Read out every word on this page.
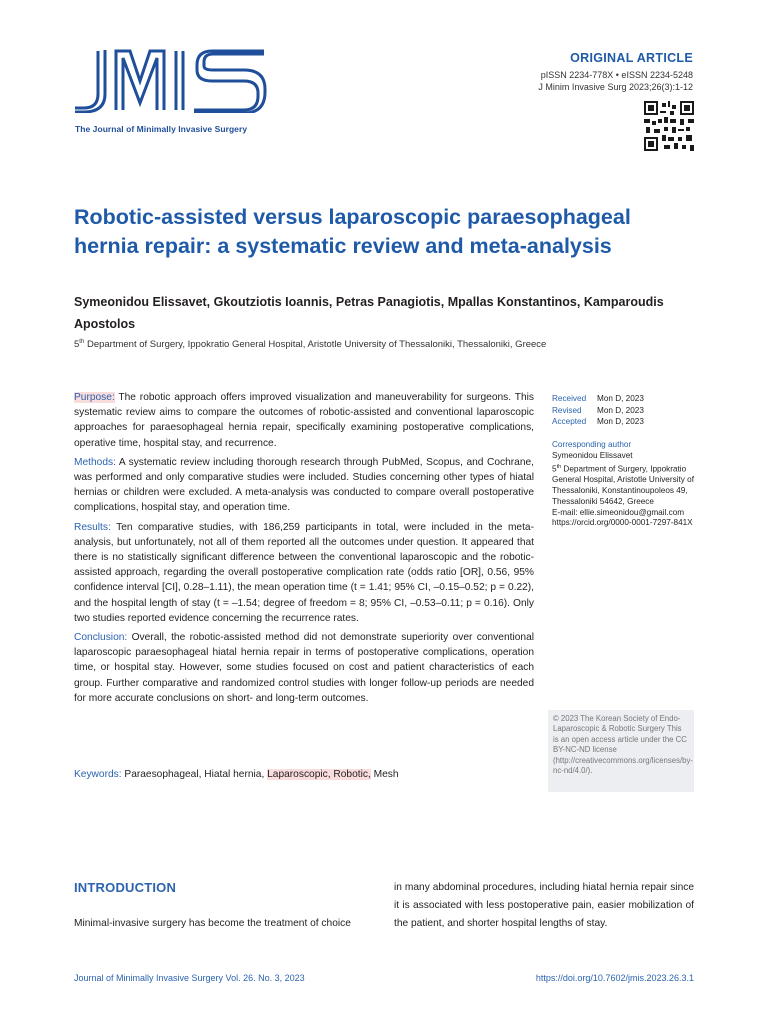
The Journal of Minimally Invasive Surgery
ORIGINAL ARTICLE
pISSN 2234-778X • eISSN 2234-5248
J Minim Invasive Surg 2023;26(3):1-12
Robotic-assisted versus laparoscopic paraesophageal hernia repair: a systematic review and meta-analysis
Symeonidou Elissavet, Gkoutziotis Ioannis, Petras Panagiotis, Mpallas Konstantinos, Kamparoudis Apostolos
5th Department of Surgery, Ippokratio General Hospital, Aristotle University of Thessaloniki, Thessaloniki, Greece

Purpose: The robotic approach offers improved visualization and maneuverability for surgeons. This systematic review aims to compare the outcomes of robotic-assisted and conventional laparoscopic approaches for paraesophageal hernia repair, specifically examining postoperative complications, operative time, hospital stay, and recurrence.

Methods: A systematic review including thorough research through PubMed, Scopus, and Cochrane, was performed and only comparative studies were included. Studies concerning other types of hiatal hernias or children were excluded. A meta-analysis was conducted to compare overall postoperative complications, hospital stay, and operation time.

Results: Ten comparative studies, with 186,259 participants in total, were included in the meta-analysis, but unfortunately, not all of them reported all the outcomes under question. It appeared that there is no statistically significant difference between the conventional laparoscopic and the robotic-assisted approach, regarding the overall postoperative complication rate (odds ratio [OR], 0.56, 95% confidence interval [CI], 0.28–1.11), the mean operation time (t = 1.41; 95% CI, –0.15–0.52; p = 0.22), and the hospital length of stay (t = –1.54; degree of freedom = 8; 95% CI, –0.53–0.11; p = 0.16). Only two studies reported evidence concerning the recurrence rates.

Conclusion: Overall, the robotic-assisted method did not demonstrate superiority over conventional laparoscopic paraesophageal hiatal hernia repair in terms of postoperative complications, operation time, or hospital stay. However, some studies focused on cost and patient characteristics of each group. Further comparative and randomized control studies with longer follow-up periods are needed for more accurate conclusions on short- and long-term outcomes.

Keywords: Paraesophageal, Hiatal hernia, Laparoscopic, Robotic, Mesh
Received	Mon D, 2023
Revised	Mon D, 2023
Accepted	Mon D, 2023
Corresponding author
Symeonidou Elissavet
5th Department of Surgery, Ippokratio General Hospital, Aristotle University of Thessaloniki, Konstantinoupoleos 49, Thessaloniki 54642, Greece
E-mail: ellie.simeonidou@gmail.com
https://orcid.org/0000-0001-7297-841X
© 2023 The Korean Society of Endo-Laparoscopic & Robotic Surgery This is an open access article under the CC BY-NC-ND license (http://creativecommons.org/licenses/by-nc-nd/4.0/).
INTRODUCTION
Minimal-invasive surgery has become the treatment of choice
in many abdominal procedures, including hiatal hernia repair since it is associated with less postoperative pain, easier mobilization of the patient, and shorter hospital lengths of stay.
Journal of Minimally Invasive Surgery Vol. 26. No. 3, 2023	https://doi.org/10.7602/jmis.2023.26.3.1
